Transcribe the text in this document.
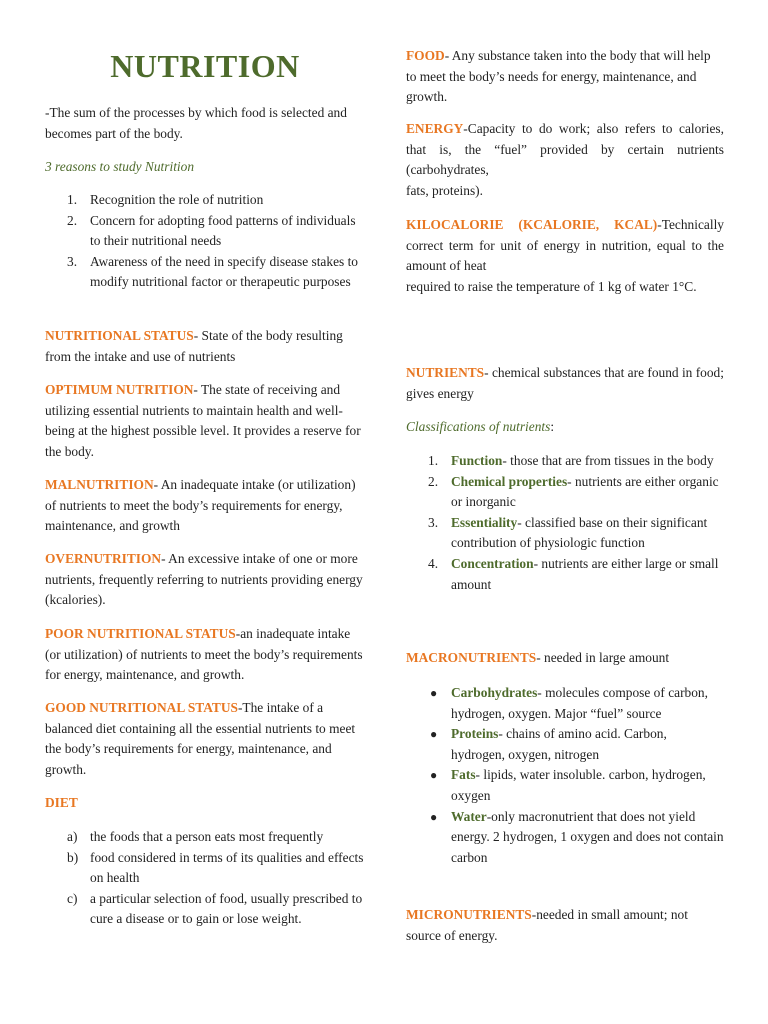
NUTRITION

-The sum of the processes by which food is selected and becomes part of the body.

3 reasons to study Nutrition

1. Recognition the role of nutrition
2. Concern for adopting food patterns of individuals to their nutritional needs
3. Awareness of the need in specify disease stakes to modify nutritional factor or therapeutic purposes

NUTRITIONAL STATUS- State of the body resulting from the intake and use of nutrients

OPTIMUM NUTRITION- The state of receiving and utilizing essential nutrients to maintain health and well-being at the highest possible level. It provides a reserve for the body.

MALNUTRITION- An inadequate intake (or utilization) of nutrients to meet the body’s requirements for energy, maintenance, and growth

OVERNUTRITION- An excessive intake of one or more nutrients, frequently referring to nutrients providing energy (kcalories).

POOR NUTRITIONAL STATUS-an inadequate intake (or utilization) of nutrients to meet the body’s requirements for energy, maintenance, and growth.

GOOD NUTRITIONAL STATUS-The intake of a balanced diet containing all the essential nutrients to meet the body’s requirements for energy, maintenance, and growth.

DIET

a) the foods that a person eats most frequently
b) food considered in terms of its qualities and effects on health
c) a particular selection of food, usually prescribed to cure a disease or to gain or lose weight.

FOOD- Any substance taken into the body that will help to meet the body’s needs for energy, maintenance, and growth.

ENERGY-Capacity to do work; also refers to calories, that is, the “fuel” provided by certain nutrients (carbohydrates,

fats, proteins).

KILOCALORIE (KCALORIE, KCAL)-Technically correct term for unit of energy in nutrition, equal to the amount of heat

required to raise the temperature of 1 kg of water 1°C.

NUTRIENTS- chemical substances that are found in food; gives energy

Classifications of nutrients:

1. Function- those that are from tissues in the body
2. Chemical properties- nutrients are either organic or inorganic
3. Essentiality- classified base on their significant contribution of physiologic function
4. Concentration- nutrients are either large or small amount

MACRONUTRIENTS- needed in large amount

● Carbohydrates- molecules compose of carbon, hydrogen, oxygen. Major “fuel” source
● Proteins- chains of amino acid. Carbon, hydrogen, oxygen, nitrogen
● Fats- lipids, water insoluble. carbon, hydrogen, oxygen
● Water-only macronutrient that does not yield energy. 2 hydrogen, 1 oxygen and does not contain carbon

MICRONUTRIENTS-needed in small amount; not source of energy.
